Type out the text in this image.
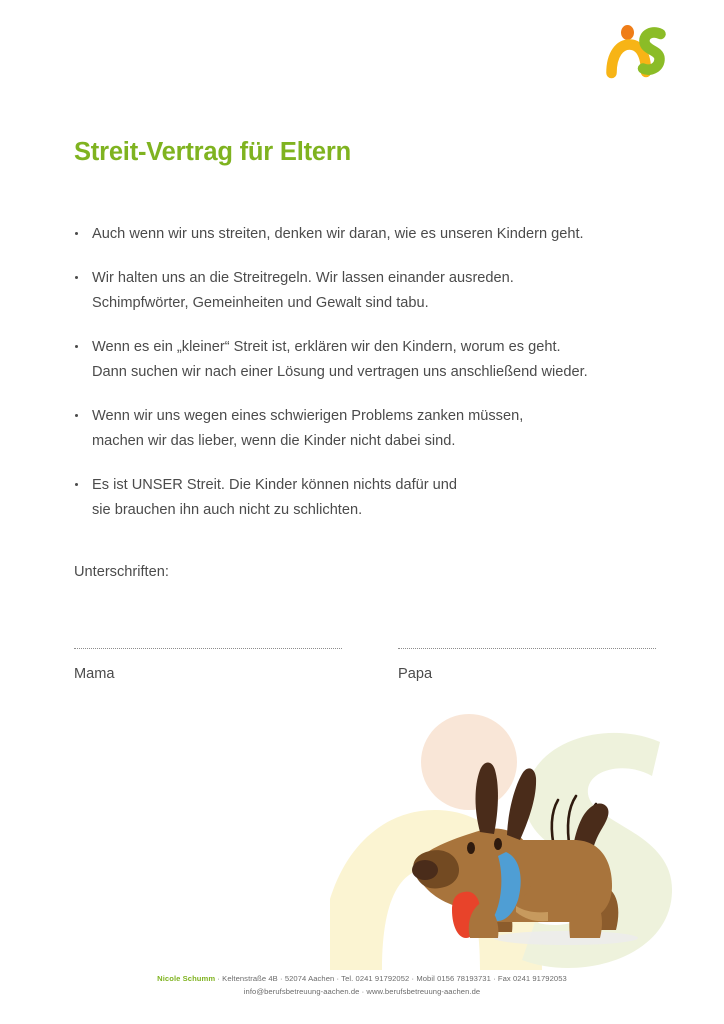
Streit-Vertrag für Eltern
Auch wenn wir uns streiten, denken wir daran, wie es unseren Kindern geht.
Wir halten uns an die Streitregeln. Wir lassen einander ausreden.
Schimpfwörter, Gemeinheiten und Gewalt sind tabu.
Wenn es ein „kleiner“ Streit ist, erklären wir den Kindern, worum es geht.
Dann suchen wir nach einer Lösung und vertragen uns anschließend wieder.
Wenn wir uns wegen eines schwierigen Problems zanken müssen,
machen wir das lieber, wenn die Kinder nicht dabei sind.
Es ist UNSER Streit. Die Kinder können nichts dafür und
sie brauchen ihn auch nicht zu schlichten.
Unterschriften:
Mama	Papa
Nicole Schumm · Keltenstraße 4B · 52074 Aachen · Tel. 0241 91792052 · Mobil 0156 78193731 · Fax 0241 91792053
info@berufsbetreuung-aachen.de · www.berufsbetreuung-aachen.de
